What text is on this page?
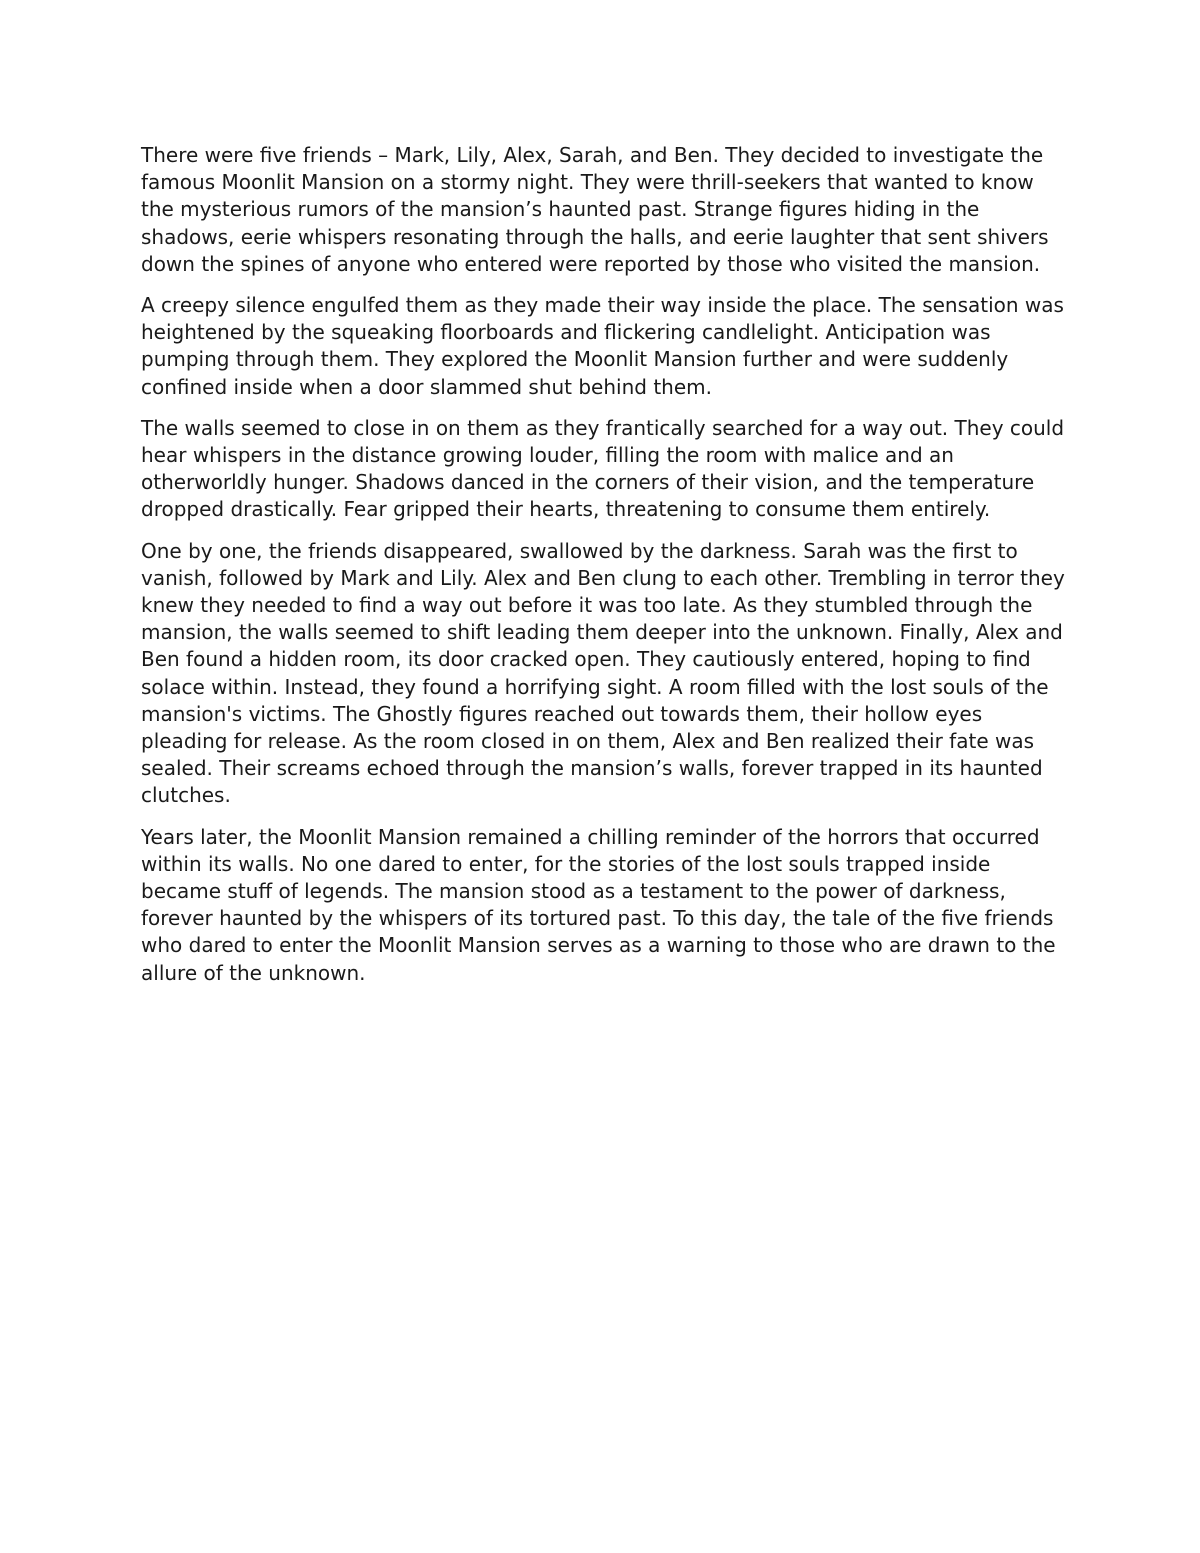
There were five friends – Mark, Lily, Alex, Sarah, and Ben. They decided to investigate the famous Moonlit Mansion on a stormy night. They were thrill-seekers that wanted to know the mysterious rumors of the mansion’s haunted past. Strange figures hiding in the shadows, eerie whispers resonating through the halls, and eerie laughter that sent shivers down the spines of anyone who entered were reported by those who visited the mansion.

A creepy silence engulfed them as they made their way inside the place. The sensation was heightened by the squeaking floorboards and flickering candlelight. Anticipation was pumping through them. They explored the Moonlit Mansion further and were suddenly confined inside when a door slammed shut behind them.

The walls seemed to close in on them as they frantically searched for a way out. They could hear whispers in the distance growing louder, filling the room with malice and an otherworldly hunger. Shadows danced in the corners of their vision, and the temperature dropped drastically. Fear gripped their hearts, threatening to consume them entirely.

One by one, the friends disappeared, swallowed by the darkness. Sarah was the first to vanish, followed by Mark and Lily. Alex and Ben clung to each other. Trembling in terror they knew they needed to find a way out before it was too late. As they stumbled through the mansion, the walls seemed to shift leading them deeper into the unknown. Finally, Alex and Ben found a hidden room, its door cracked open. They cautiously entered, hoping to find solace within. Instead, they found a horrifying sight. A room filled with the lost souls of the mansion's victims. The Ghostly figures reached out towards them, their hollow eyes pleading for release. As the room closed in on them, Alex and Ben realized their fate was sealed. Their screams echoed through the mansion’s walls, forever trapped in its haunted clutches.

Years later, the Moonlit Mansion remained a chilling reminder of the horrors that occurred within its walls. No one dared to enter, for the stories of the lost souls trapped inside became stuff of legends. The mansion stood as a testament to the power of darkness, forever haunted by the whispers of its tortured past. To this day, the tale of the five friends who dared to enter the Moonlit Mansion serves as a warning to those who are drawn to the allure of the unknown.
